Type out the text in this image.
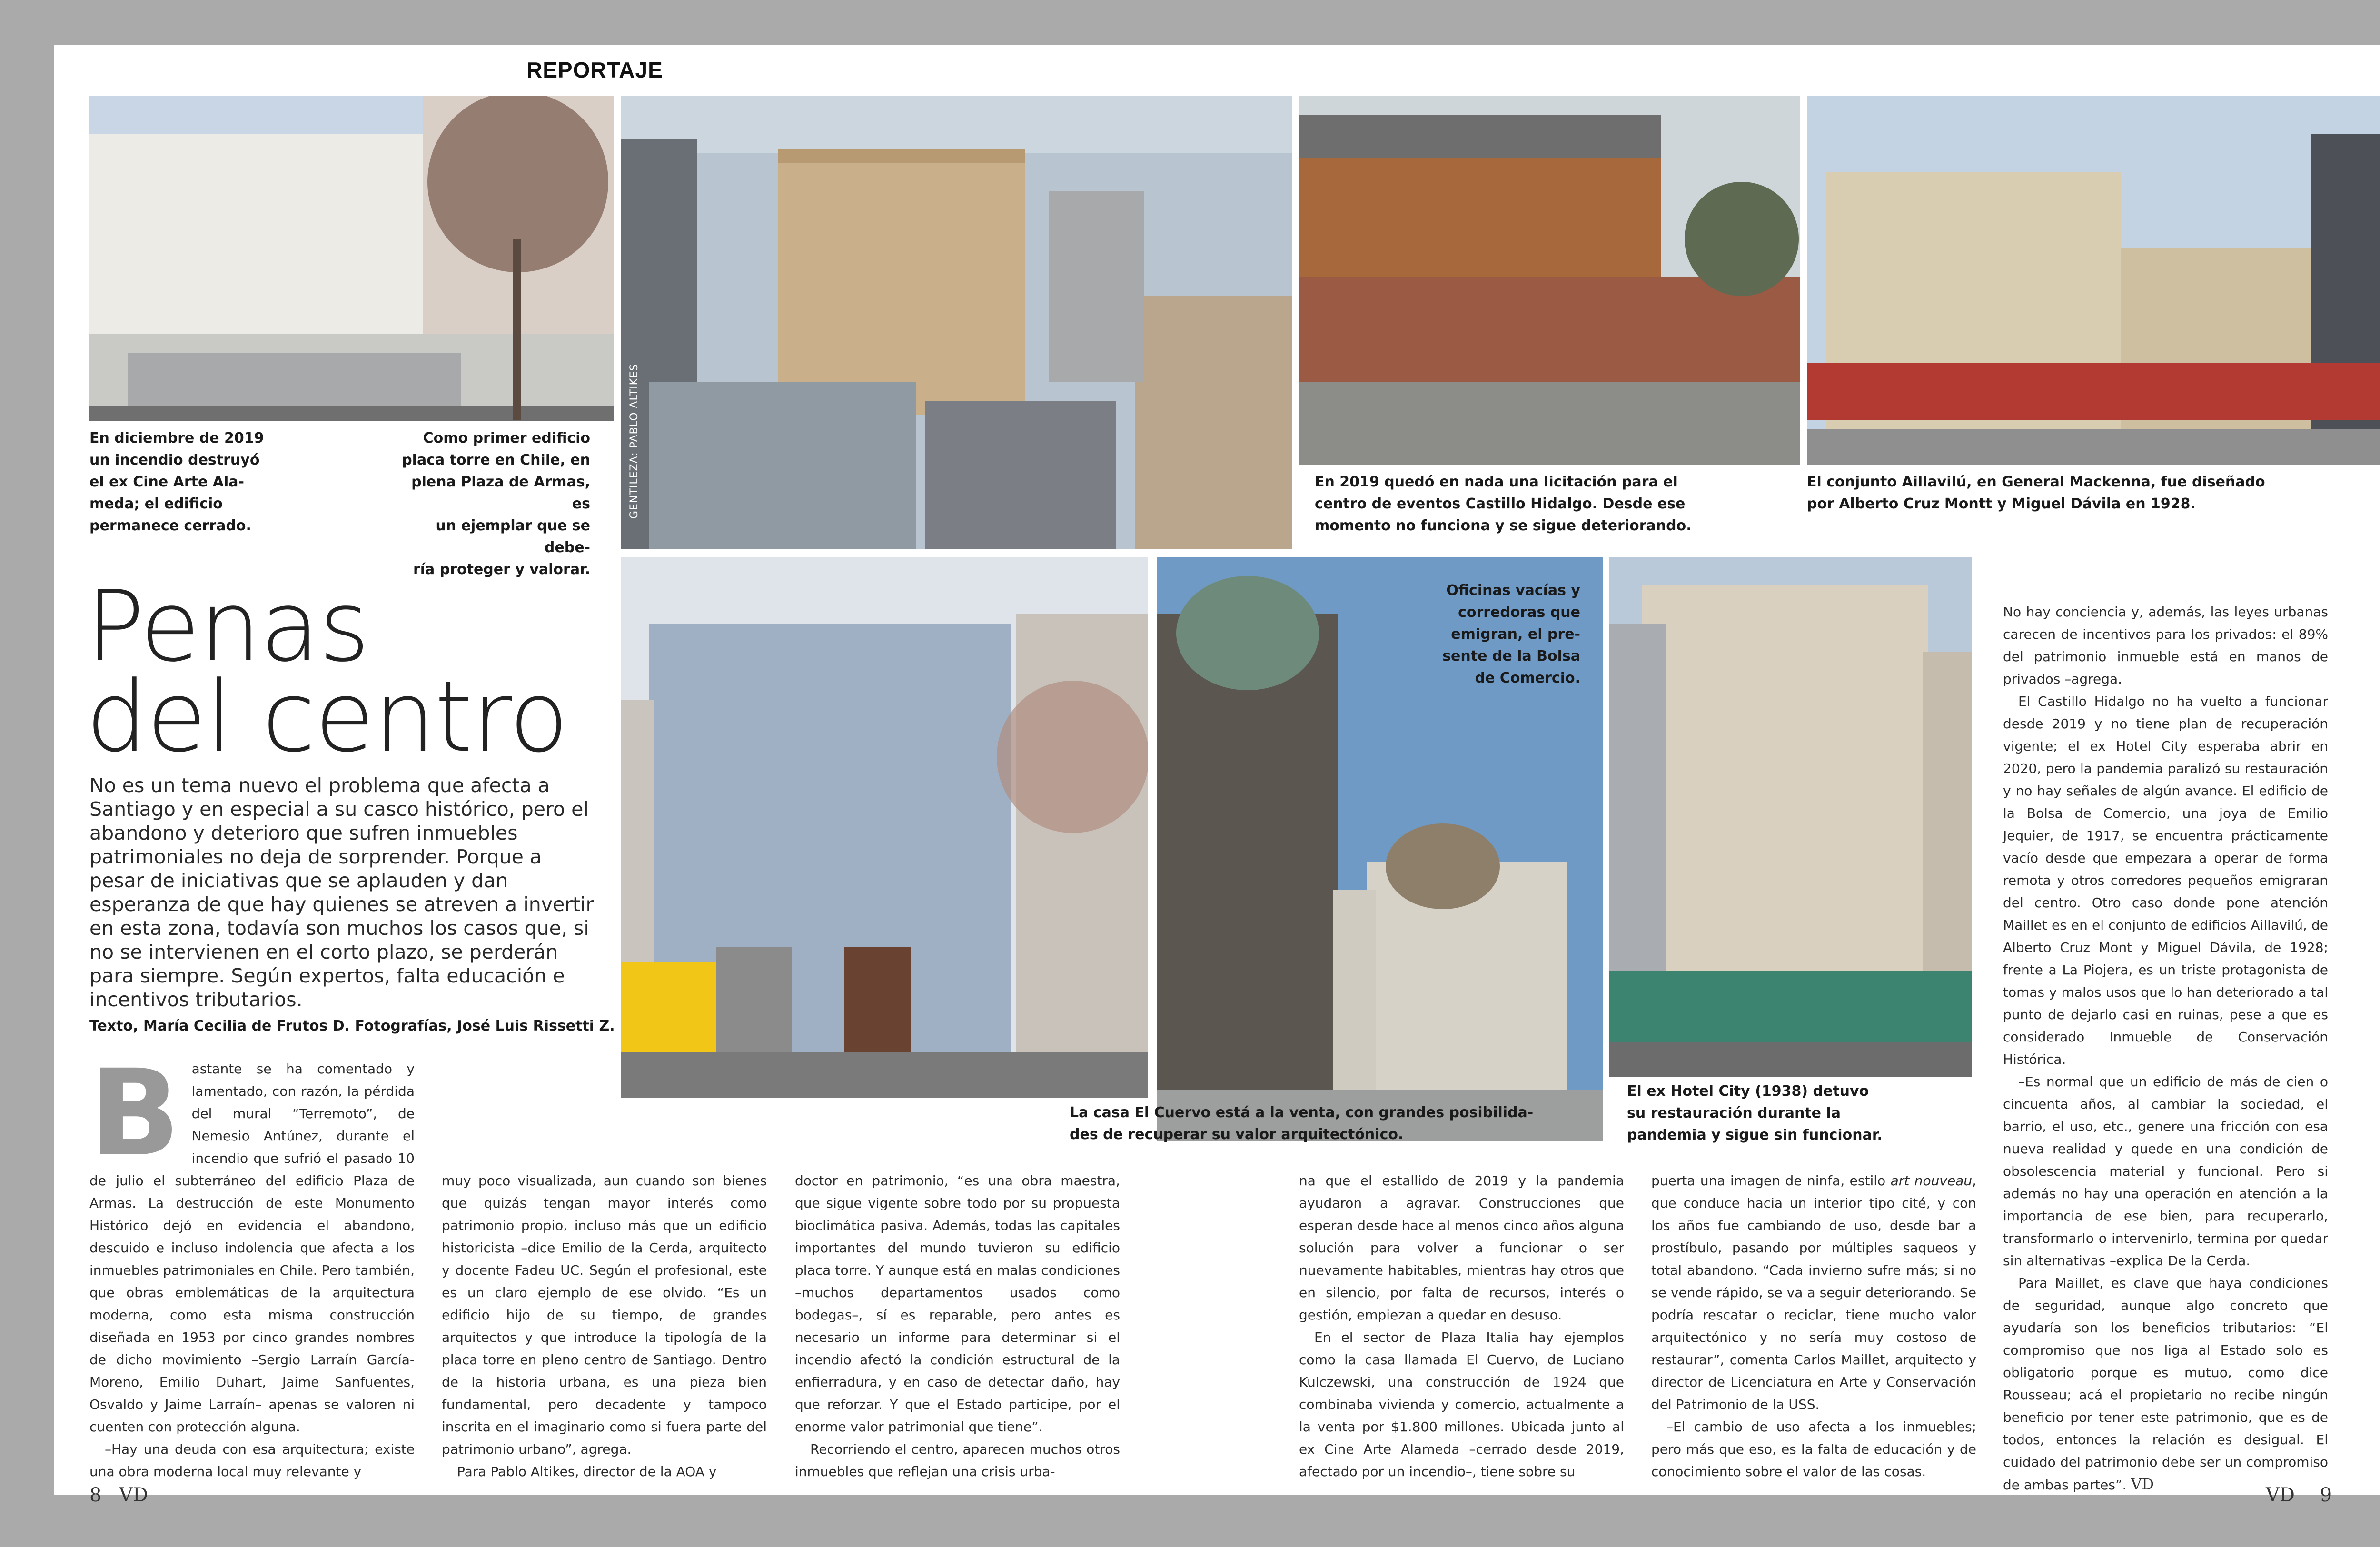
REPORTAJE
GENTILEZA: PABLO ALTIKES
En diciembre de 2019
un incendio destruyó
el ex Cine Arte Ala-
meda; el edificio
permanece cerrado.
Como primer edificio
placa torre en Chile, en
plena Plaza de Armas, es
un ejemplar que se debe-
ría proteger y valorar.
En 2019 quedó en nada una licitación para el
centro de eventos Castillo Hidalgo. Desde ese
momento no funciona y se sigue deteriorando.
El conjunto Aillavilú, en General Mackenna, fue diseñado
por Alberto Cruz Montt y Miguel Dávila en 1928.
Penas
del centro
No es un tema nuevo el problema que afecta a Santiago y en especial a su casco histórico, pero el abandono y deterioro que sufren inmuebles patrimoniales no deja de sorprender. Porque a pesar de iniciativas que se aplauden y dan esperanza de que hay quienes se atreven a invertir en esta zona, todavía son muchos los casos que, si no se intervienen en el corto plazo, se perderán para siempre. Según expertos, falta educación e incentivos tributarios.
Texto, María Cecilia de Frutos D. Fotografías, José Luis Rissetti Z.
Oficinas vacías y
corredoras que
emigran, el pre-
sente de la Bolsa
de Comercio.
La casa El Cuervo está a la venta, con grandes posibilida-
des de recuperar su valor arquitectónico.
El ex Hotel City (1938) detuvo
su restauración durante la
pandemia y sigue sin funcionar.
B astante se ha comentado y lamentado, con razón, la pérdida del mural “Terremoto”, de Nemesio Antúnez, durante el incendio que sufrió el pasado 10 de julio el subterráneo del edificio Plaza de Armas. La destrucción de este Monumento Histórico dejó en evidencia el abandono, descuido e incluso indolencia que afecta a los inmuebles patrimoniales en Chile. Pero también, que obras emblemáticas de la arquitectura moderna, como esta misma construcción diseñada en 1953 por cinco grandes nombres de dicho movimiento –Sergio Larraín García-Moreno, Emilio Duhart, Jaime Sanfuentes, Osvaldo y Jaime Larraín– apenas se valoren ni cuenten con protección alguna.

–Hay una deuda con esa arquitectura; existe una obra moderna local muy relevante y

muy poco visualizada, aun cuando son bienes que quizás tengan mayor interés como patrimonio propio, incluso más que un edificio historicista –dice Emilio de la Cerda, arquitecto y docente Fadeu UC. Según el profesional, este es un claro ejemplo de ese olvido. “Es un edificio hijo de su tiempo, de grandes arquitectos y que introduce la tipología de la placa torre en pleno centro de Santiago. Dentro de la historia urbana, es una pieza bien fundamental, pero decadente y tampoco inscrita en el imaginario como si fuera parte del patrimonio urbano”, agrega.

Para Pablo Altikes, director de la AOA y

doctor en patrimonio, “es una obra maestra, que sigue vigente sobre todo por su propuesta bioclimática pasiva. Además, todas las capitales importantes del mundo tuvieron su edificio placa torre. Y aunque está en malas condiciones –muchos departamentos usados como bodegas–, sí es reparable, pero antes es necesario un informe para determinar si el incendio afectó la condición estructural de la enfierradura, y en caso de detectar daño, hay que reforzar. Y que el Estado participe, por el enorme valor patrimonial que tiene”.

Recorriendo el centro, aparecen muchos otros inmuebles que reflejan una crisis urba-

na que el estallido de 2019 y la pandemia ayudaron a agravar. Construcciones que esperan desde hace al menos cinco años alguna solución para volver a funcionar o ser nuevamente habitables, mientras hay otros que en silencio, por falta de recursos, interés o gestión, empiezan a quedar en desuso.

En el sector de Plaza Italia hay ejemplos como la casa llamada El Cuervo, de Luciano Kulczewski, una construcción de 1924 que combinaba vivienda y comercio, actualmente a la venta por $1.800 millones. Ubicada junto al ex Cine Arte Alameda –cerrado desde 2019, afectado por un incendio–, tiene sobre su

puerta una imagen de ninfa, estilo art nouveau, que conduce hacia un interior tipo cité, y con los años fue cambiando de uso, desde bar a prostíbulo, pasando por múltiples saqueos y total abandono. “Cada invierno sufre más; si no se vende rápido, se va a seguir deteriorando. Se podría rescatar o reciclar, tiene mucho valor arquitectónico y no sería muy costoso de restaurar”, comenta Carlos Maillet, arquitecto y director de Licenciatura en Arte y Conservación del Patrimonio de la USS.

–El cambio de uso afecta a los inmuebles; pero más que eso, es la falta de educación y de conocimiento sobre el valor de las cosas.

No hay conciencia y, además, las leyes urbanas carecen de incentivos para los privados: el 89% del patrimonio inmueble está en manos de privados –agrega.

El Castillo Hidalgo no ha vuelto a funcionar desde 2019 y no tiene plan de recuperación vigente; el ex Hotel City esperaba abrir en 2020, pero la pandemia paralizó su restauración y no hay señales de algún avance. El edificio de la Bolsa de Comercio, una joya de Emilio Jequier, de 1917, se encuentra prácticamente vacío desde que empezara a operar de forma remota y otros corredores pequeños emigraran del centro. Otro caso donde pone atención Maillet es en el conjunto de edificios Aillavilú, de Alberto Cruz Mont y Miguel Dávila, de 1928; frente a La Piojera, es un triste protagonista de tomas y malos usos que lo han deteriorado a tal punto de dejarlo casi en ruinas, pese a que es considerado Inmueble de Conservación Histórica.

–Es normal que un edificio de más de cien o cincuenta años, al cambiar la sociedad, el barrio, el uso, etc., genere una fricción con esa nueva realidad y quede en una condición de obsolescencia material y funcional. Pero si además no hay una operación en atención a la importancia de ese bien, para recuperarlo, transformarlo o intervenirlo, termina por quedar sin alternativas –explica De la Cerda.

Para Maillet, es clave que haya condiciones de seguridad, aunque algo concreto que ayudaría son los beneficios tributarios: “El compromiso que nos liga al Estado solo es obligatorio porque es mutuo, como dice Rousseau; acá el propietario no recibe ningún beneficio por tener este patrimonio, que es de todos, entonces la relación es desigual. El cuidado del patrimonio debe ser un compromiso de ambas partes”. VD

8 VD	VD 9
